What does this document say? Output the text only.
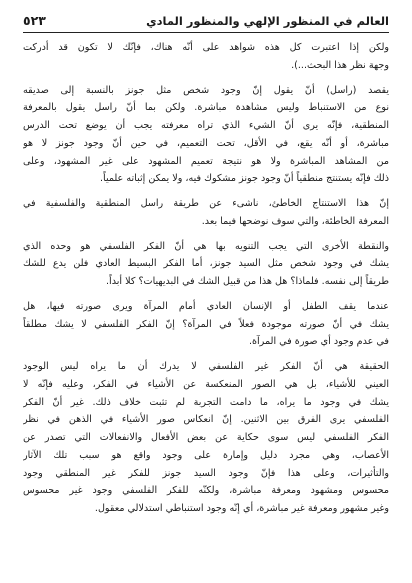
العالم في المنظور الإلهي والمنظور المادي
٥٢٣
ولكن إذا اعتبرت كل هذه شواهد على أنّه هناك، فإنّك لا تكون قد أدركت
وجهة نظر هذا البحث...).
يقصد (راسل) أنّ يقول إنّ وجود شخص مثل جونز بالنسبة إلى صديقه
نوع من الاستنباط وليس مشاهدة مباشرة. ولكن بما أنّ راسل يقول بالمعرفة
المنطقية، فإنّه يرى أنّ الشيء الذي تراه معرفته يجب أن يوضع تحت الدرس
مباشرة، أو أنّه يقع، في الأقل، تحت التعميم، في حين أنّ وجود جونز لا هو
من المشاهد المباشرة ولا هو نتيجة تعميم المشهود على غير المشهود، وعلى
ذلك فإنّه يستنتج منطقياً أنّ وجود جونز مشكوك فيه، ولا يمكن إثباته علمياً.
إنّ هذا الاستنتاج الخاطئ، ناشىء عن طريقة راسل المنطقية والفلسفية في
المعرفة الخاطئة، والتي سوف نوضحها فيما بعد.
والنقطة الأخرى التي يجب التنويه بها هي أنّ الفكر الفلسفي هو وحده الذي
يشك في وجود شخص مثل السيد جونز، أما الفكر البسيط العادي فلن يدع للشك
طريقاً إلى نفسه. فلماذا؟ هل هذا من قبيل الشك في البديهيات؟ كلا أبداً.
عندما يقف الطفل أو الإنسان العادي أمام المرآة ويرى صورته فيها، هل
يشك في أنّ صورته موجودة فعلاً في المرآة؟ إنّ الفكر الفلسفي لا يشك مطلقاً
في عدم وجود أي صورة في المرآة.
الحقيقة هي أنّ الفكر غير الفلسفي لا يدرك أن ما يراه ليس الوجود
العيني للأشياء، بل هي الصور المنعكسة عن الأشياء في الفكر، وعليه فإنّه لا
يشك في وجود ما يراه، ما دامت التجربة لم تثبت خلاف ذلك. غير أنّ الفكر
الفلسفي يرى الفرق بين الاثنين. إنّ انعكاس صور الأشياء في الذهن في نظر
الفكر الفلسفي ليس سوى حكاية عن بعض الأفعال والانفعالات التي تصدر عن
الأعصاب، وهي مجرد دليل وإمارة على وجود واقع هو سبب تلك الآثار
والتأثيرات، وعلى هذا فإنّ وجود السيد جونز للفكر غير المنطقي وجود
محسوس ومشهود ومعرفة مباشرة، ولكنّه للفكر الفلسفي وجود غير محسوس
وغير مشهور ومعرفة غير مباشرة، أي إنّه وجود استنباطي استدلالي معقول.
